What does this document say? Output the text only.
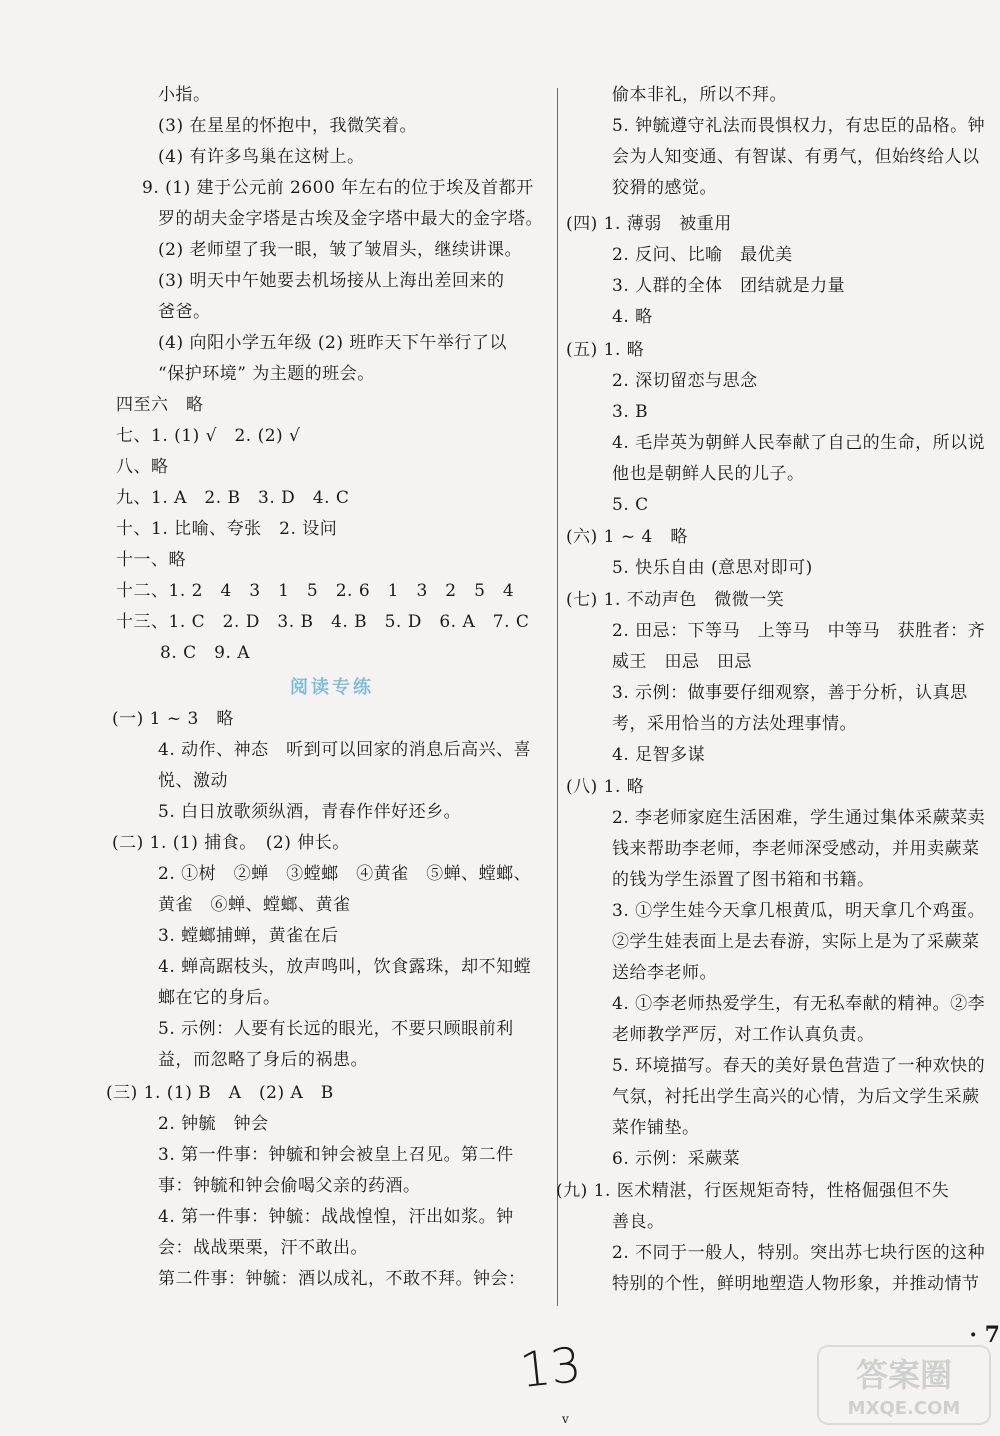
小指。
(3) 在星星的怀抱中，我微笑着。
(4) 有许多鸟巢在这树上。
9. (1) 建于公元前 2600 年左右的位于埃及首都开
罗的胡夫金字塔是古埃及金字塔中最大的金字塔。
(2) 老师望了我一眼，皱了皱眉头，继续讲课。
(3) 明天中午她要去机场接从上海出差回来的
爸爸。
(4) 向阳小学五年级 (2) 班昨天下午举行了以
“保护环境” 为主题的班会。
四至六　略
七、1. (1) √　2. (2) √
八、略
九、1. A　2. B　3. D　4. C
十、1. 比喻、夸张　2. 设问
十一、略
十二、1. 2　4　3　1　5　2. 6　1　3　2　5　4
十三、1. C　2. D　3. B　4. B　5. D　6. A　7. C
8. C　9. A
阅读专练
(一) 1 ~ 3　略
4. 动作、神态　听到可以回家的消息后高兴、喜
悦、激动
5. 白日放歌须纵酒，青春作伴好还乡。
(二) 1. (1) 捕食。　(2) 伸长。
2. ①树　②蝉　③螳螂　④黄雀　⑤蝉、螳螂、
黄雀　⑥蝉、螳螂、黄雀
3. 螳螂捕蝉，黄雀在后
4. 蝉高踞枝头，放声鸣叫，饮食露珠，却不知螳
螂在它的身后。
5. 示例：人要有长远的眼光，不要只顾眼前利
益，而忽略了身后的祸患。
(三) 1. (1) B　A　(2) A　B
2. 钟毓　钟会
3. 第一件事：钟毓和钟会被皇上召见。第二件
事：钟毓和钟会偷喝父亲的药酒。
4. 第一件事：钟毓：战战惶惶，汗出如浆。钟
会：战战栗栗，汗不敢出。
第二件事：钟毓：酒以成礼，不敢不拜。钟会：
偷本非礼，所以不拜。
5. 钟毓遵守礼法而畏惧权力，有忠臣的品格。钟
会为人知变通、有智谋、有勇气，但始终给人以
狡猾的感觉。
(四) 1. 薄弱　被重用
2. 反问、比喻　最优美
3. 人群的全体　团结就是力量
4. 略
(五) 1. 略
2. 深切留恋与思念
3. B
4. 毛岸英为朝鲜人民奉献了自己的生命，所以说
他也是朝鲜人民的儿子。
5. C
(六) 1 ~ 4　略
5. 快乐自由 (意思对即可)
(七) 1. 不动声色　微微一笑
2. 田忌：下等马　上等马　中等马　获胜者：齐
威王　田忌　田忌
3. 示例：做事要仔细观察，善于分析，认真思
考，采用恰当的方法处理事情。
4. 足智多谋
(八) 1. 略
2. 李老师家庭生活困难，学生通过集体采蕨菜卖
钱来帮助李老师，李老师深受感动，并用卖蕨菜
的钱为学生添置了图书箱和书籍。
3. ①学生娃今天拿几根黄瓜，明天拿几个鸡蛋。
②学生娃表面上是去春游，实际上是为了采蕨菜
送给李老师。
4. ①李老师热爱学生，有无私奉献的精神。②李
老师教学严厉，对工作认真负责。
5. 环境描写。春天的美好景色营造了一种欢快的
气氛，衬托出学生高兴的心情，为后文学生采蕨
菜作铺垫。
6. 示例：采蕨菜
(九) 1. 医术精湛，行医规矩奇特，性格倔强但不失
善良。
2. 不同于一般人，特别。突出苏七块行医的这种
特别的个性，鲜明地塑造人物形象，并推动情节
· 7
13
v
答案圈
MXQE.COM
